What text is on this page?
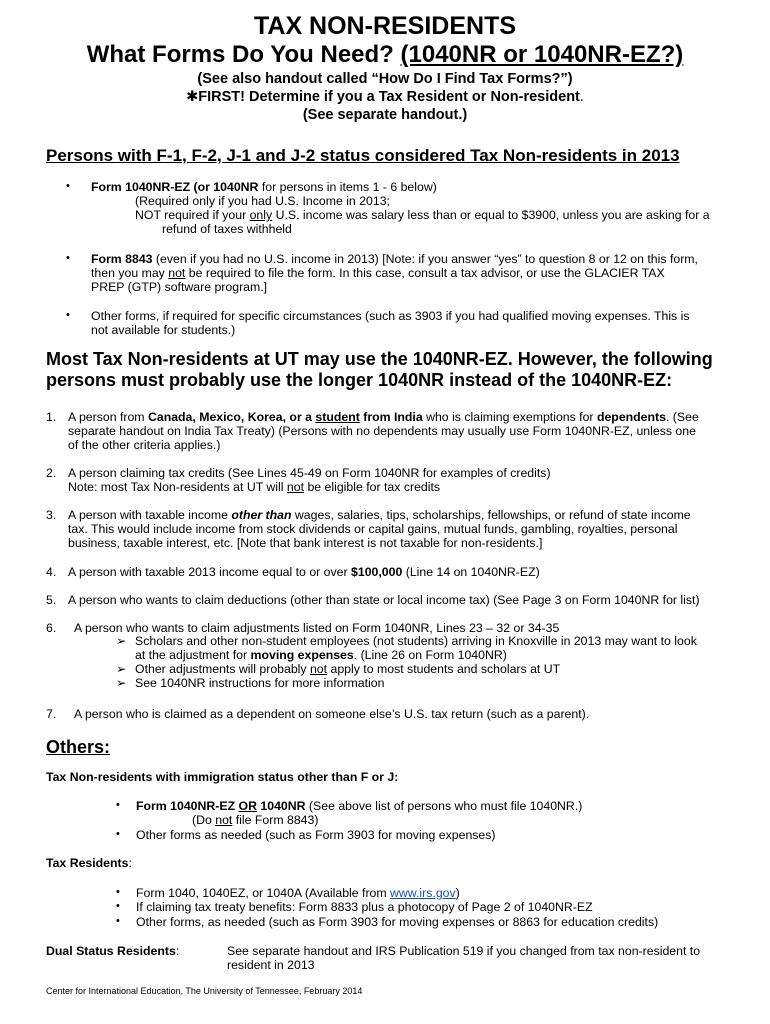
TAX NON-RESIDENTS
What Forms Do You Need? (1040NR or 1040NR-EZ?)
(See also handout called “How Do I Find Tax Forms?”)
✱FIRST! Determine if you a Tax Resident or Non-resident.
(See separate handout.)
Persons with F-1, F-2, J-1 and J-2 status considered Tax Non-residents in 2013
• Form 1040NR-EZ (or 1040NR for persons in items 1 - 6 below)
(Required only if you had U.S. Income in 2013;
NOT required if your only U.S. income was salary less than or equal to $3900, unless you are asking for a
refund of taxes withheld
• Form 8843 (even if you had no U.S. income in 2013) [Note: if you answer “yes” to question 8 or 12 on this form,
then you may not be required to file the form. In this case, consult a tax advisor, or use the GLACIER TAX
PREP (GTP) software program.]
• Other forms, if required for specific circumstances (such as 3903 if you had qualified moving expenses. This is
not available for students.)
Most Tax Non-residents at UT may use the 1040NR-EZ. However, the following
persons must probably use the longer 1040NR instead of the 1040NR-EZ:
1. A person from Canada, Mexico, Korea, or a student from India who is claiming exemptions for dependents. (See
separate handout on India Tax Treaty) (Persons with no dependents may usually use Form 1040NR-EZ, unless one
of the other criteria applies.)
2. A person claiming tax credits (See Lines 45-49 on Form 1040NR for examples of credits)
Note: most Tax Non-residents at UT will not be eligible for tax credits
3. A person with taxable income other than wages, salaries, tips, scholarships, fellowships, or refund of state income
tax. This would include income from stock dividends or capital gains, mutual funds, gambling, royalties, personal
business, taxable interest, etc. [Note that bank interest is not taxable for non-residents.]
4. A person with taxable 2013 income equal to or over $100,000 (Line 14 on 1040NR-EZ)
5. A person who wants to claim deductions (other than state or local income tax) (See Page 3 on Form 1040NR for list)
6. A person who wants to claim adjustments listed on Form 1040NR, Lines 23 – 32 or 34-35
➢ Scholars and other non-student employees (not students) arriving in Knoxville in 2013 may want to look
at the adjustment for moving expenses. (Line 26 on Form 1040NR)
➢ Other adjustments will probably not apply to most students and scholars at UT
➢ See 1040NR instructions for more information
7. A person who is claimed as a dependent on someone else’s U.S. tax return (such as a parent).
Others:
Tax Non-residents with immigration status other than F or J:
• Form 1040NR-EZ OR 1040NR (See above list of persons who must file 1040NR.)
(Do not file Form 8843)
• Other forms as needed (such as Form 3903 for moving expenses)
Tax Residents:
• Form 1040, 1040EZ, or 1040A (Available from www.irs.gov)
• If claiming tax treaty benefits: Form 8833 plus a photocopy of Page 2 of 1040NR-EZ
• Other forms, as needed (such as Form 3903 for moving expenses or 8863 for education credits)
Dual Status Residents:	See separate handout and IRS Publication 519 if you changed from tax non-resident to
resident in 2013
Center for International Education, The University of Tennessee, February 2014
